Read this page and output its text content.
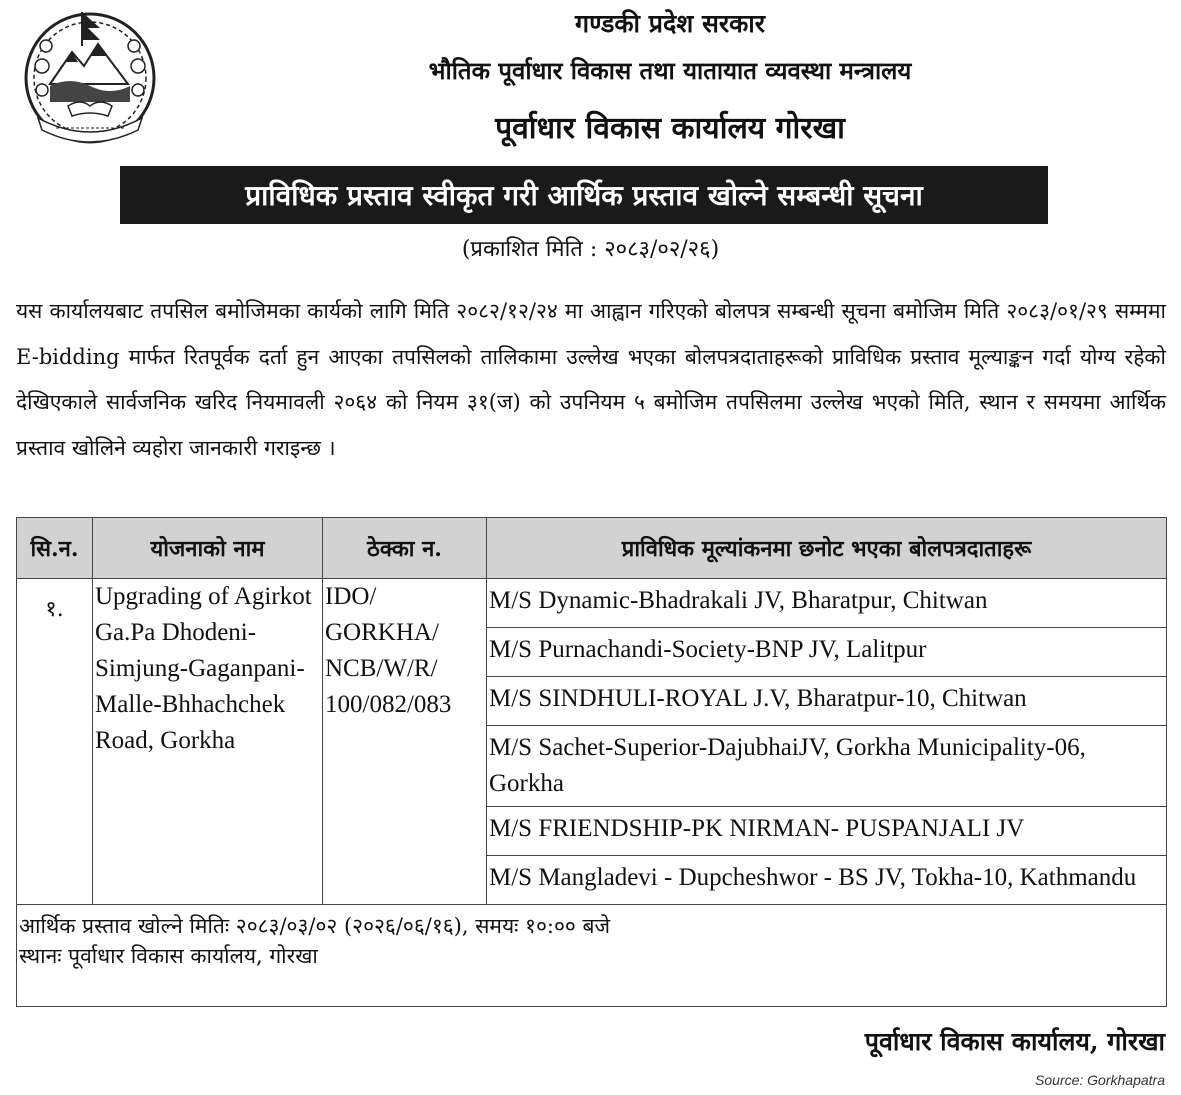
गण्डकी प्रदेश सरकार
भौतिक पूर्वाधार विकास तथा यातायात व्यवस्था मन्त्रालय
पूर्वाधार विकास कार्यालय गोरखा
प्राविधिक प्रस्ताव स्वीकृत गरी आर्थिक प्रस्ताव खोल्ने सम्बन्धी सूचना
(प्रकाशित मिति : २०८३/०२/२६)
यस कार्यालयबाट तपसिल बमोजिमका कार्यको लागि मिति २०८२/१२/२४ मा आह्वान गरिएको बोलपत्र सम्बन्धी सूचना बमोजिम मिति २०८३/०१/२९ सम्ममा E-bidding मार्फत रितपूर्वक दर्ता हुन आएका तपसिलको तालिकामा उल्लेख भएका बोलपत्रदाताहरूको प्राविधिक प्रस्ताव मूल्याङ्कन गर्दा योग्य रहेको देखिएकाले सार्वजनिक खरिद नियमावली २०६४ को नियम ३१(ज) को उपनियम ५ बमोजिम तपसिलमा उल्लेख भएको मिति, स्थान र समयमा आर्थिक प्रस्ताव खोलिने व्यहोरा जानकारी गराइन्छ ।
सि.न.	योजनाको नाम	ठेक्का न.	प्राविधिक मूल्यांकनमा छनोट भएका बोलपत्रदाताहरू
१.	Upgrading of Agirkot Ga.Pa Dhodeni- Simjung-Gaganpani-Malle-Bhhachchek Road, Gorkha	IDO/ GORKHA/ NCB/W/R/ 100/082/083	M/S Dynamic-Bhadrakali JV, Bharatpur, Chitwan
			M/S Purnachandi-Society-BNP JV, Lalitpur
			M/S SINDHULI-ROYAL J.V, Bharatpur-10, Chitwan
			M/S Sachet-Superior-DajubhaiJV, Gorkha Municipality-06, Gorkha
			M/S FRIENDSHIP-PK NIRMAN- PUSPANJALI JV
			M/S Mangladevi - Dupcheshwor - BS JV, Tokha-10, Kathmandu

आर्थिक प्रस्ताव खोल्ने मितिः २०८३/०३/०२ (२०२६/०६/१६), समयः १०:०० बजे
स्थानः पूर्वाधार विकास कार्यालय, गोरखा			
पूर्वाधार विकास कार्यालय, गोरखा
Source: Gorkhapatra
